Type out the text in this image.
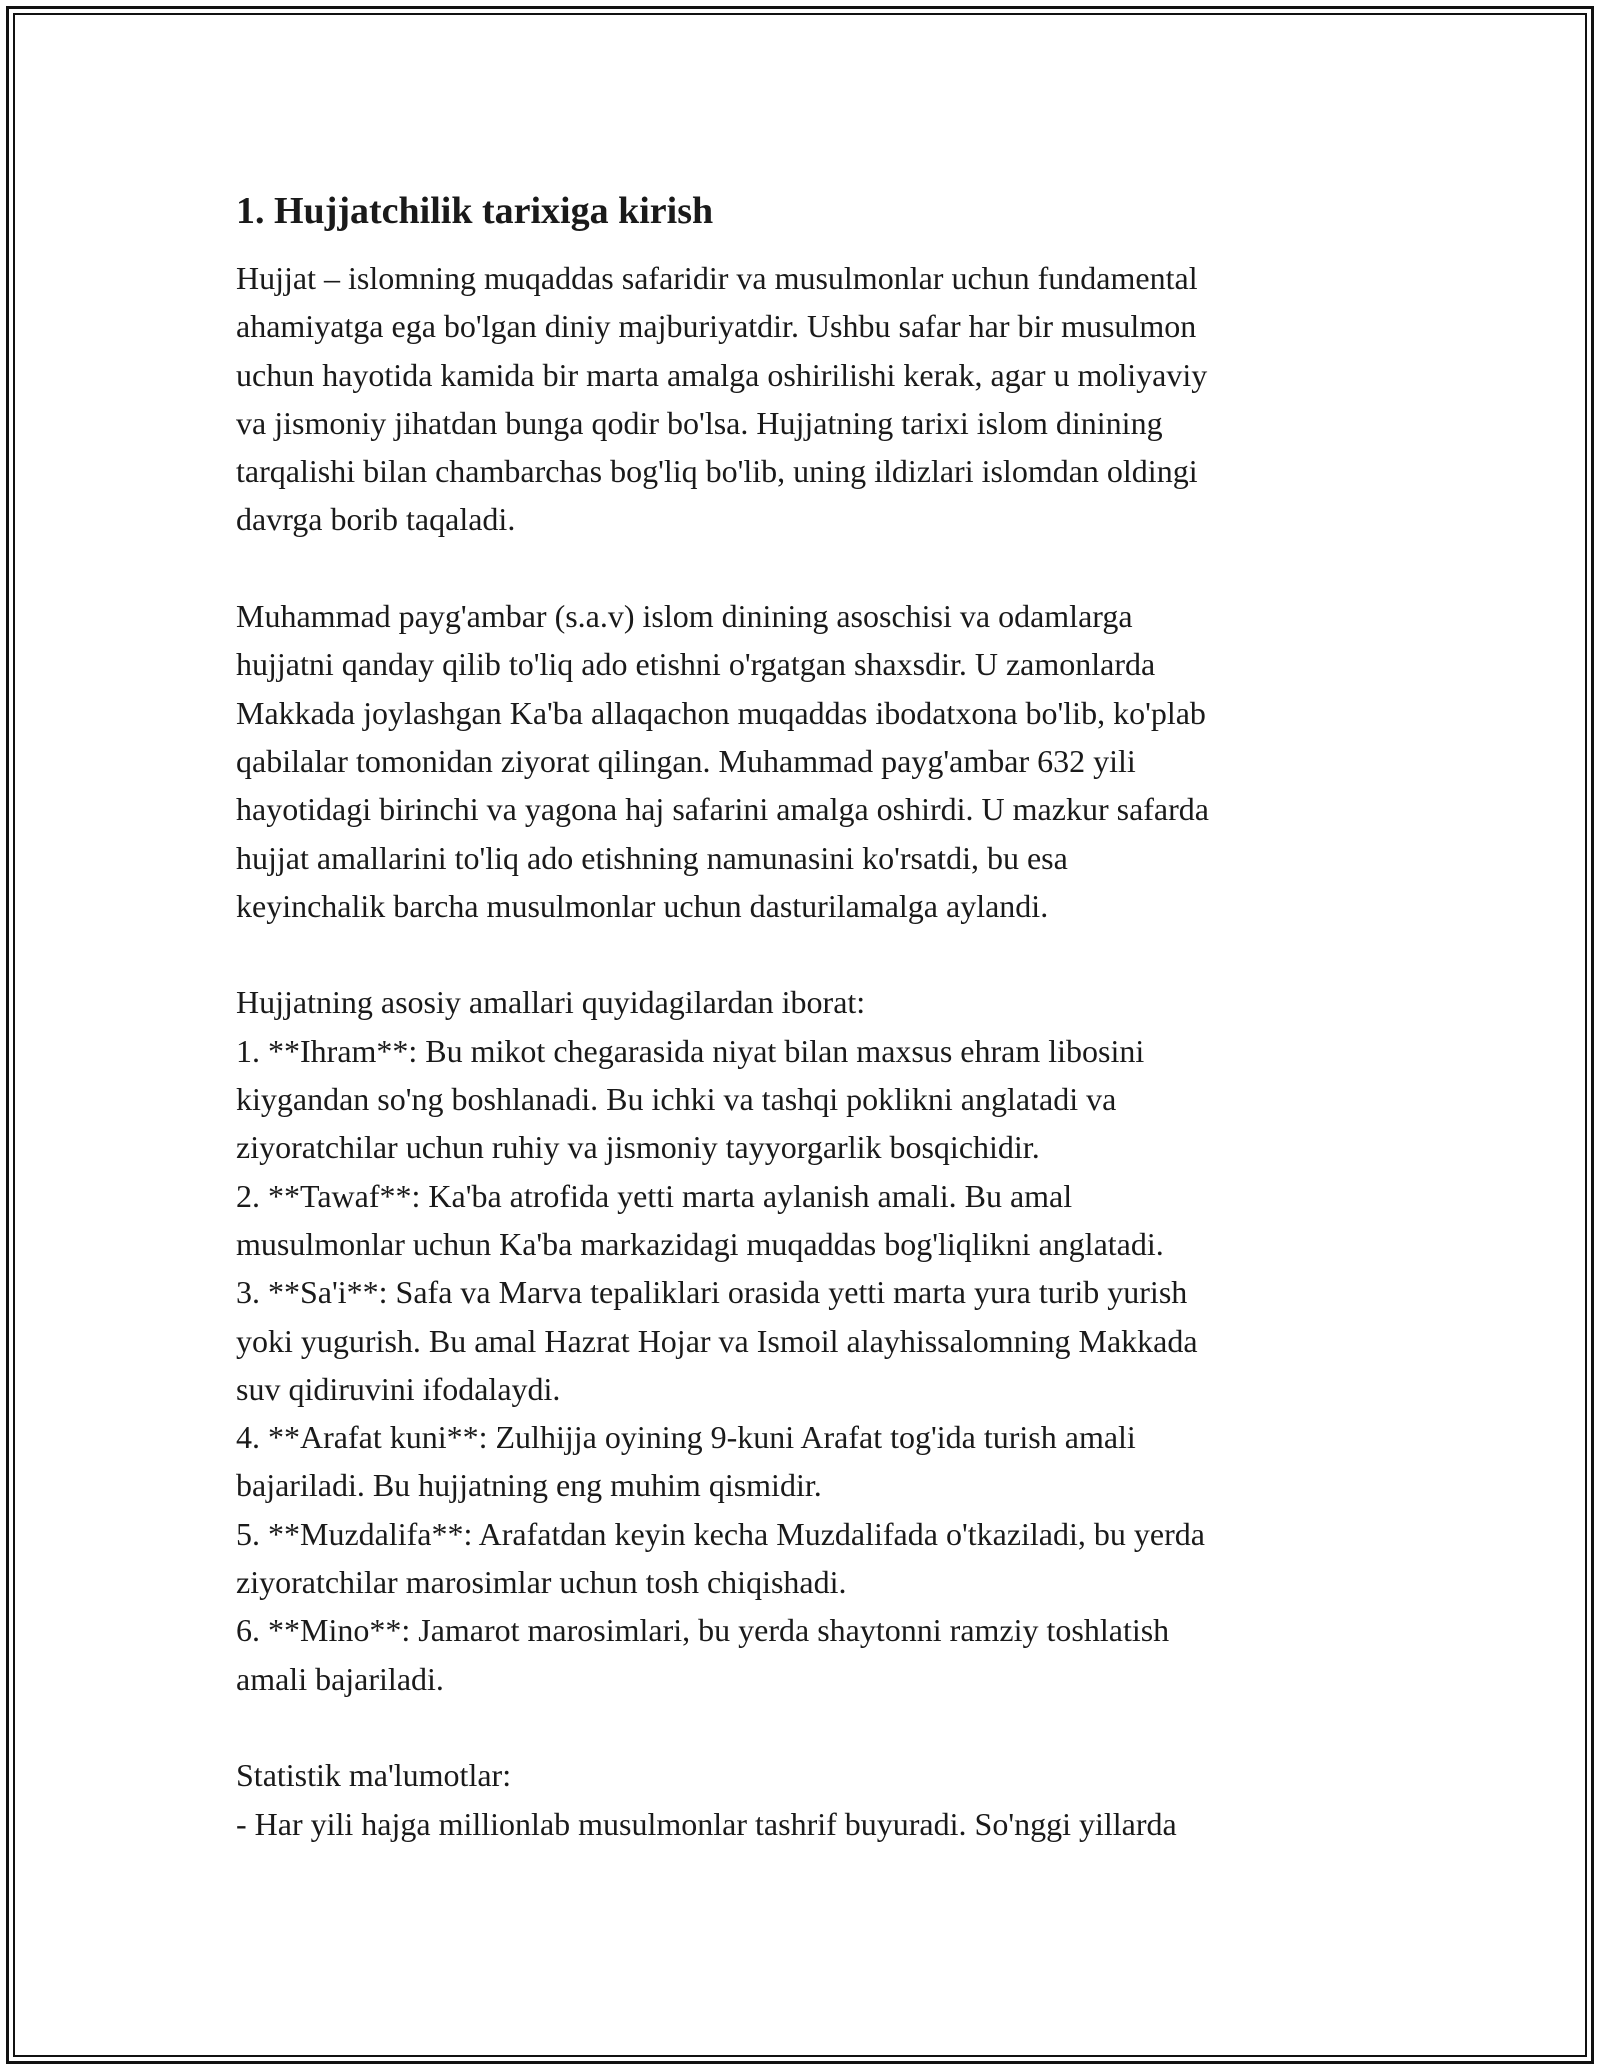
1. Hujjatchilik tarixiga kirish
Hujjat – islomning muqaddas safaridir va musulmonlar uchun fundamental
ahamiyatga ega bo'lgan diniy majburiyatdir. Ushbu safar har bir musulmon
uchun hayotida kamida bir marta amalga oshirilishi kerak, agar u moliyaviy
va jismoniy jihatdan bunga qodir bo'lsa. Hujjatning tarixi islom dinining
tarqalishi bilan chambarchas bog'liq bo'lib, uning ildizlari islomdan oldingi
davrga borib taqaladi.
Muhammad payg'ambar (s.a.v) islom dinining asoschisi va odamlarga
hujjatni qanday qilib to'liq ado etishni o'rgatgan shaxsdir. U zamonlarda
Makkada joylashgan Ka'ba allaqachon muqaddas ibodatxona bo'lib, ko'plab
qabilalar tomonidan ziyorat qilingan. Muhammad payg'ambar 632 yili
hayotidagi birinchi va yagona haj safarini amalga oshirdi. U mazkur safarda
hujjat amallarini to'liq ado etishning namunasini ko'rsatdi, bu esa
keyinchalik barcha musulmonlar uchun dasturilamalga aylandi.
Hujjatning asosiy amallari quyidagilardan iborat:
1. **Ihram**: Bu mikot chegarasida niyat bilan maxsus ehram libosini
kiygandan so'ng boshlanadi. Bu ichki va tashqi poklikni anglatadi va
ziyoratchilar uchun ruhiy va jismoniy tayyorgarlik bosqichidir.
2. **Tawaf**: Ka'ba atrofida yetti marta aylanish amali. Bu amal
musulmonlar uchun Ka'ba markazidagi muqaddas bog'liqlikni anglatadi.
3. **Sa'i**: Safa va Marva tepaliklari orasida yetti marta yura turib yurish
yoki yugurish. Bu amal Hazrat Hojar va Ismoil alayhissalomning Makkada
suv qidiruvini ifodalaydi.
4. **Arafat kuni**: Zulhijja oyining 9-kuni Arafat tog'ida turish amali
bajariladi. Bu hujjatning eng muhim qismidir.
5. **Muzdalifa**: Arafatdan keyin kecha Muzdalifada o'tkaziladi, bu yerda
ziyoratchilar marosimlar uchun tosh chiqishadi.
6. **Mino**: Jamarot marosimlari, bu yerda shaytonni ramziy toshlatish
amali bajariladi.
Statistik ma'lumotlar:
- Har yili hajga millionlab musulmonlar tashrif buyuradi. So'nggi yillarda
